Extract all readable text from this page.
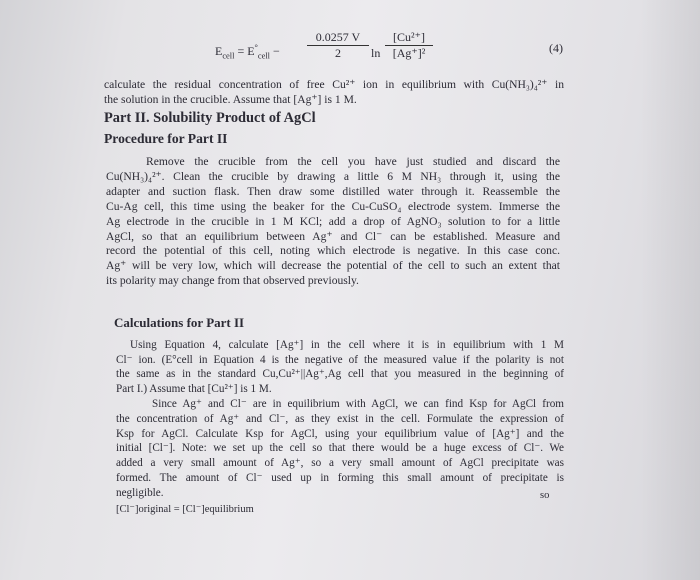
$E_{cell} = E^\circ_{cell} - \frac{0.0257 V}{2}$ $\ln \frac{\text{[Cu²⁺]}}{\text{[Ag⁺]²}}$	(4)
calculate the residual concentration of free Cu²⁺ ion in equilibrium with Cu(NH₃)₄²⁺ in
the solution in the crucible. Assume that [Ag⁺] is 1 M.
Part II. Solubility Product of AgCl
Procedure for Part II
Remove the crucible from the cell you have just studied and discard the
Cu(NH₃)₄²⁺. Clean the crucible by drawing a little 6 M NH₃ through it, using the
adapter and suction flask. Then draw some distilled water through it. Reassemble the
Cu-Ag cell, this time using the beaker for the Cu-CuSO₄ electrode system. Immerse the
Ag electrode in the crucible in 1 M KCl; add a drop of AgNO₃ solution to for a little
AgCl, so that an equilibrium between Ag⁺ and Cl⁻ can be established. Measure and
record the potential of this cell, noting which electrode is negative. In this case conc.
Ag⁺ will be very low, which will decrease the potential of the cell to such an extent that
its polarity may change from that observed previously.
Calculations for Part II
Using Equation 4, calculate [Ag⁺] in the cell where it is in equilibrium with 1 M
Cl⁻ ion. (E°cell in Equation 4 is the negative of the measured value if the polarity is not
the same as in the standard Cu,Cu²⁺||Ag⁺,Ag cell that you measured in the beginning of
Part I.) Assume that [Cu²⁺] is 1 M.
Since Ag⁺ and Cl⁻ are in equilibrium with AgCl, we can find Ksp for AgCl from
the concentration of Ag⁺ and Cl⁻, as they exist in the cell. Formulate the expression of
Ksp for AgCl. Calculate Ksp for AgCl, using your equilibrium value of [Ag⁺] and the
initial [Cl⁻]. Note: we set up the cell so that there would be a huge excess of Cl⁻. We
added a very small amount of Ag⁺, so a very small amount of AgCl precipitate was
formed. The amount of Cl⁻ used up in forming this small amount of precipitate is
negligible.	so
[Cl⁻]original = [Cl⁻]equilibrium
